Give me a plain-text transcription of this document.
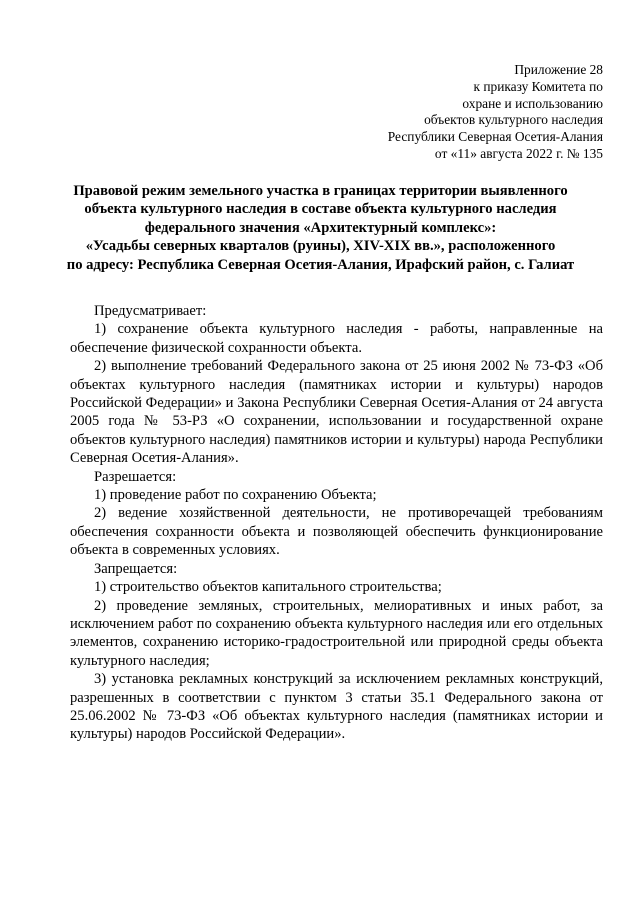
Приложение 28
к приказу Комитета по
охране и использованию
объектов культурного наследия
Республики Северная Осетия-Алания
от «11» августа 2022 г. № 135
Правовой режим земельного участка в границах территории выявленного
объекта культурного наследия в составе объекта культурного наследия
федерального значения «Архитектурный комплекс»:
«Усадьбы северных кварталов (руины), XIV-XIX вв.», расположенного
по адресу: Республика Северная Осетия-Алания, Ирафский район, с. Галиат

Предусматривает:

1) сохранение объекта культурного наследия - работы, направленные на обеспечение физической сохранности объекта.

2) выполнение требований Федерального закона от 25 июня 2002 № 73-ФЗ «Об объектах культурного наследия (памятниках истории и культуры) народов Российской Федерации» и Закона Республики Северная Осетия-Алания от 24 августа 2005 года № 53-РЗ «О сохранении, использовании и государственной охране объектов культурного наследия) памятников истории и культуры) народа Республики Северная Осетия-Алания».

Разрешается:

1) проведение работ по сохранению Объекта;

2) ведение хозяйственной деятельности, не противоречащей требованиям обеспечения сохранности объекта и позволяющей обеспечить функционирование объекта в современных условиях.

Запрещается:

1) строительство объектов капитального строительства;

2) проведение земляных, строительных, мелиоративных и иных работ, за исключением работ по сохранению объекта культурного наследия или его отдельных элементов, сохранению историко-градостроительной или природной среды объекта культурного наследия;

3) установка рекламных конструкций за исключением рекламных конструкций, разрешенных в соответствии с пунктом 3 статьи 35.1 Федерального закона от 25.06.2002 № 73-ФЗ «Об объектах культурного наследия (памятниках истории и культуры) народов Российской Федерации».
